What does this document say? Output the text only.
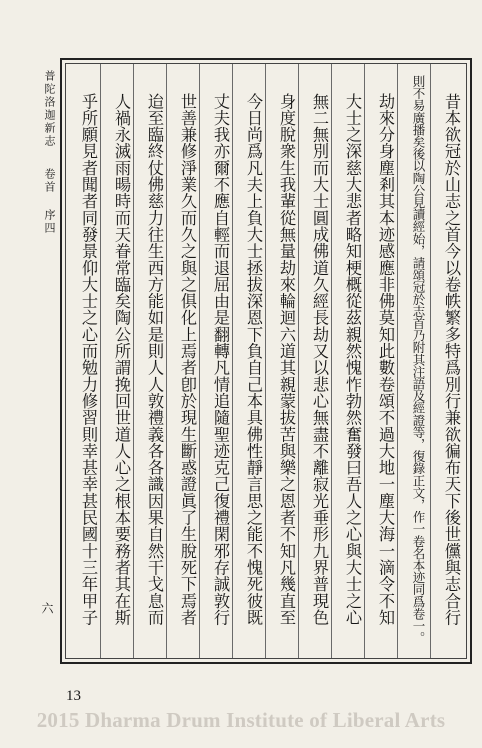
普陀洛迦新志
卷首 序四
六	昔本欲冠於山志之首今以卷帙繁多特爲別行兼欲徧布天下後世儻與志合行
則不易廣播矣後以陶公見讀經始，請頌冠於志首乃附其注語及經證等，復錄正文，作一卷名本迹同爲卷一。
劫來分身塵剎其本迹感應非佛莫知此數卷頌不過大地一塵大海一滴令不知
大士之深慈大悲者略知梗概從茲親然愧怍勃然奮發曰吾人之心與大士之心
無二無別而大士圓成佛道久經長劫又以悲心無盡不離寂光垂形九界普現色
身度脫衆生我輩從無量劫來輪迴六道其親蒙拔苦與樂之恩者不知凡幾直至
今日尚爲凡夫上負大士拯拔深恩下負自己本具佛性靜言思之能不愧死彼既
丈夫我亦爾不應自輕而退屈由是翻轉凡情追隨聖迹克己復禮閑邪存誠敦行
世善兼修淨業久而久之與之俱化上焉者卽於現生斷惑證眞了生脫死下焉者
迨至臨終仗佛慈力往生西方能如是則人人敦禮義各各識因果自然干戈息而
人禍永滅雨暘時而天眷常臨矣陶公所謂挽回世道人心之根本要務者其在斯
乎所願見者聞者同發景仰大士之心而勉力修習則幸甚幸甚民國十三年甲子
13
2015 Dharma Drum Institute of Liberal Arts
